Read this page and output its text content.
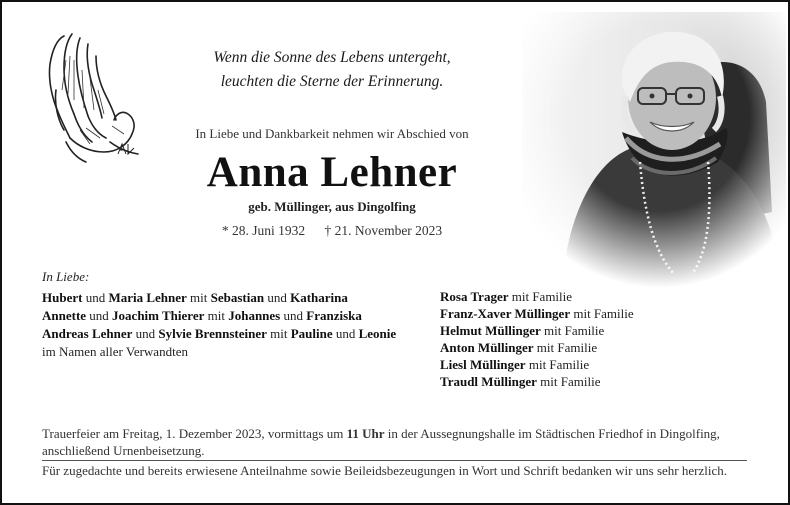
Wenn die Sonne des Lebens untergeht,
leuchten die Sterne der Erinnerung.
In Liebe und Dankbarkeit nehmen wir Abschied von
Anna Lehner
geb. Müllinger, aus Dingolfing
* 28. Juni 1932 † 21. November 2023
In Liebe:
Hubert und Maria Lehner mit Sebastian und Katharina
Annette und Joachim Thierer mit Johannes und Franziska
Andreas Lehner und Sylvie Brennsteiner mit Pauline und Leonie
im Namen aller Verwandten
Rosa Trager mit Familie
Franz-Xaver Müllinger mit Familie
Helmut Müllinger mit Familie
Anton Müllinger mit Familie
Liesl Müllinger mit Familie
Traudl Müllinger mit Familie
Trauerfeier am Freitag, 1. Dezember 2023, vormittags um 11 Uhr in der Aussegnungshalle im Städtischen Friedhof in Dingolfing, anschließend Urnenbeisetzung.
Für zugedachte und bereits erwiesene Anteilnahme sowie Beileidsbezeugungen in Wort und Schrift bedanken wir uns sehr herzlich.
